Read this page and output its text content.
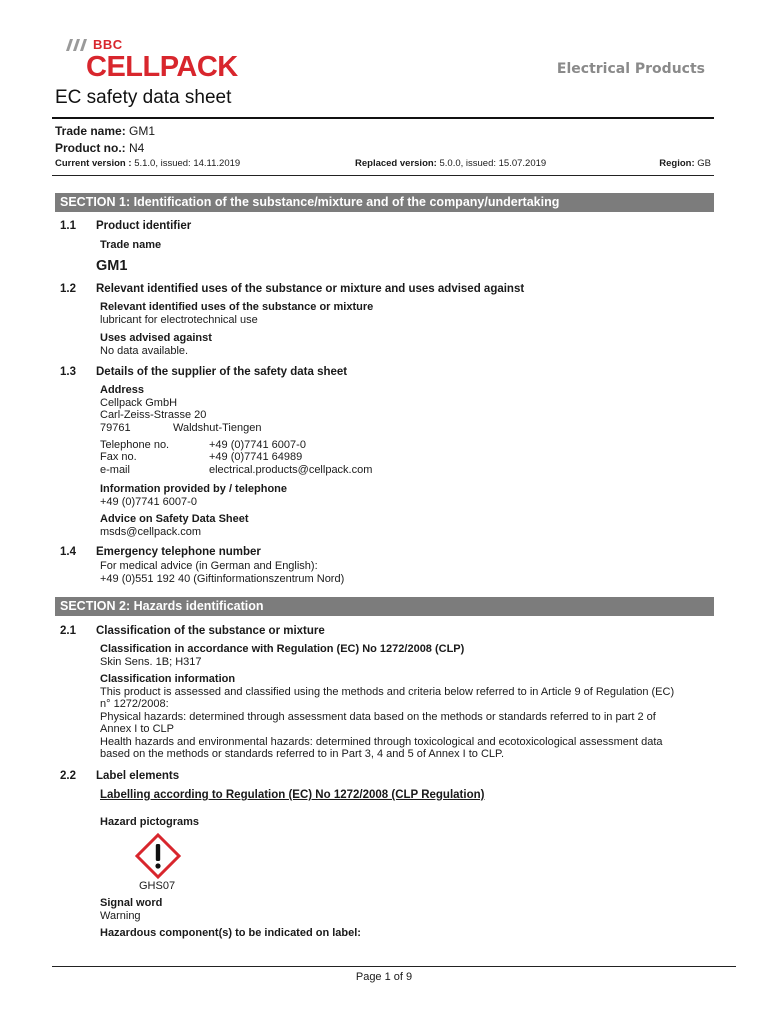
BBC
CELLPACK	Electrical Products
EC safety data sheet
Trade name: GM1
Product no.: N4
Current version : 5.1.0, issued: 14.11.2019	Replaced version: 5.0.0, issued: 15.07.2019	Region: GB
SECTION 1: Identification of the substance/mixture and of the company/undertaking
1.1 Product identifier
Trade name
GM1
1.2 Relevant identified uses of the substance or mixture and uses advised against
Relevant identified uses of the substance or mixture
lubricant for electrotechnical use
Uses advised against
No data available.
1.3 Details of the supplier of the safety data sheet
Address
Cellpack GmbH
Carl-Zeiss-Strasse 20
79761	Waldshut-Tiengen
Telephone no.	+49 (0)7741 6007-0
Fax no.	+49 (0)7741 64989
e-mail	electrical.products@cellpack.com
Information provided by / telephone
+49 (0)7741 6007-0
Advice on Safety Data Sheet
msds@cellpack.com
1.4 Emergency telephone number
For medical advice (in German and English):
+49 (0)551 192 40 (Giftinformationszentrum Nord)
SECTION 2: Hazards identification
2.1 Classification of the substance or mixture
Classification in accordance with Regulation (EC) No 1272/2008 (CLP)
Skin Sens. 1B; H317
Classification information
This product is assessed and classified using the methods and criteria below referred to in Article 9 of Regulation (EC)
n° 1272/2008:
Physical hazards: determined through assessment data based on the methods or standards referred to in part 2 of
Annex I to CLP
Health hazards and environmental hazards: determined through toxicological and ecotoxicological assessment data
based on the methods or standards referred to in Part 3, 4 and 5 of Annex I to CLP.
2.2 Label elements
Labelling according to Regulation (EC) No 1272/2008 (CLP Regulation)
Hazard pictograms
GHS07
Signal word
Warning
Hazardous component(s) to be indicated on label:
Page 1 of 9
